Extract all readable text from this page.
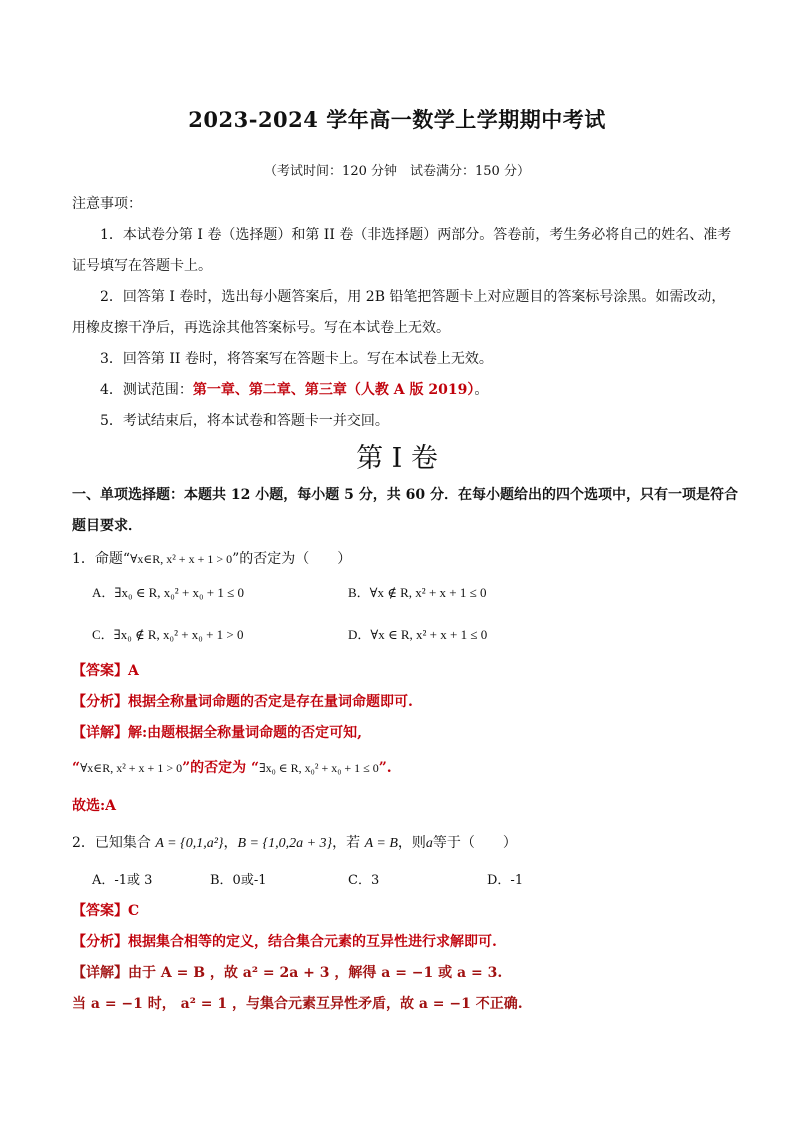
2023-2024 学年高一数学上学期期中考试
（考试时间：120 分钟　试卷满分：150 分）
注意事项：
1．本试卷分第 I 卷（选择题）和第 II 卷（非选择题）两部分。答卷前，考生务必将自己的姓名、准考
证号填写在答题卡上。
2．回答第 I 卷时，选出每小题答案后，用 2B 铅笔把答题卡上对应题目的答案标号涂黑。如需改动，
用橡皮擦干净后，再选涂其他答案标号。写在本试卷上无效。
3．回答第 II 卷时，将答案写在答题卡上。写在本试卷上无效。
4．测试范围：第一章、第二章、第三章（人教 A 版 2019）。
5．考试结束后，将本试卷和答题卡一并交回。
第 I 卷
一、单项选择题：本题共 12 小题，每小题 5 分，共 60 分．在每小题给出的四个选项中，只有一项是符合
题目要求．
1．命题“∀x∈R, x² + x + 1 > 0”的否定为（　　）
A．∃x₀ ∈ R, x₀² + x₀ + 1 ≤ 0	B．∀x ∉ R, x² + x + 1 ≤ 0
C．∃x₀ ∉ R, x₀² + x₀ + 1 > 0	D．∀x ∈ R, x² + x + 1 ≤ 0
【答案】A
【分析】根据全称量词命题的否定是存在量词命题即可.
【详解】解:由题根据全称量词命题的否定可知,
“∀x∈R, x² + x + 1 > 0”的否定为 “∃x₀ ∈ R, x₀² + x₀ + 1 ≤ 0”.
故选:A
2．已知集合 A = {0,1,a²}，B = {1,0,2a + 3}，若 A = B，则a等于（　　）
A．-1或 3	B．0或-1	C．3	D．-1
【答案】C
【分析】根据集合相等的定义，结合集合元素的互异性进行求解即可.
【详解】由于 A = B ，故 a² = 2a + 3 ，解得 a = −1 或 a = 3.
当 a = −1 时， a² = 1 ，与集合元素互异性矛盾，故 a = −1 不正确.
